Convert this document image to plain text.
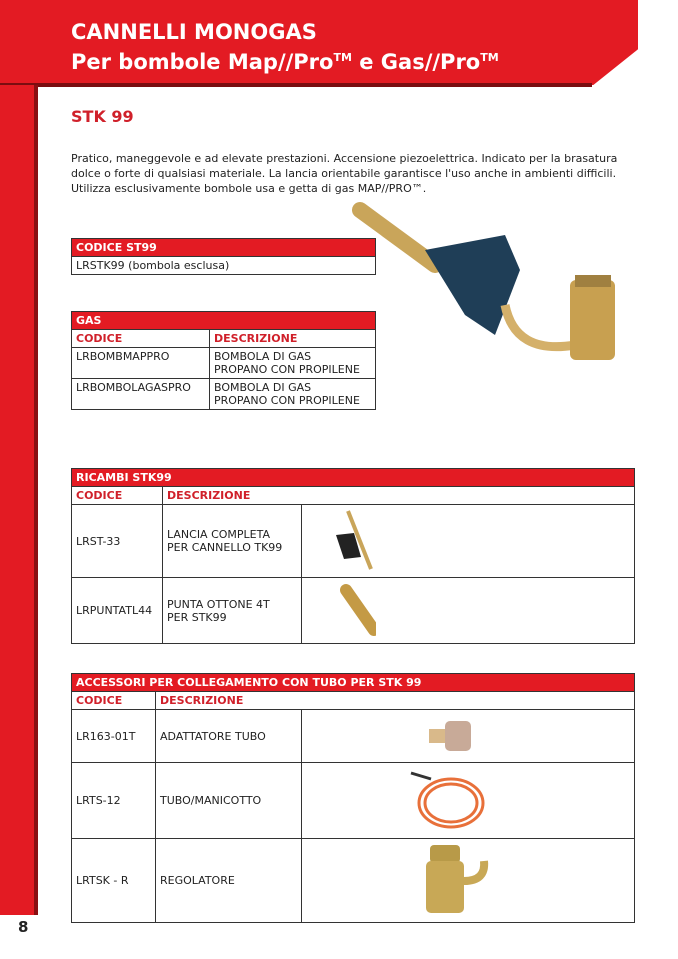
CANNELLI MONOGAS
Per bombole Map//Pro™ e Gas//Pro™
8
STK 99
Pratico, maneggevole e ad elevate prestazioni. Accensione piezoelettrica. Indicato per la brasatura dolce o forte di qualsiasi materiale. La lancia orientabile garantisce l'uso anche in ambienti difficili. Utilizza esclusivamente bombole usa e getta di gas MAP//PRO™.
CODICE ST99
LRSTK99 (bombola esclusa)
GAS	
CODICE	DESCRIZIONE
LRBOMBMAPPRO	BOMBOLA DI GAS
PROPANO CON PROPILENE

LRBOMBOLAGASPRO	BOMBOLA DI GAS
PROPANO CON PROPILENE
RICAMBI STK99		
CODICE	DESCRIZIONE	
LRST-33	LANCIA COMPLETA
PER CANNELLO TK99

LRPUNTATL44	PUNTA OTTONE 4T
PER STK99

ACCESSORI PER COLLEGAMENTO CON TUBO PER STK 99		
CODICE	DESCRIZIONE	
LR163-01T	ADATTATORE TUBO	
LRTS-12	TUBO/MANICOTTO	
LRTSK - R	REGOLATORE	
